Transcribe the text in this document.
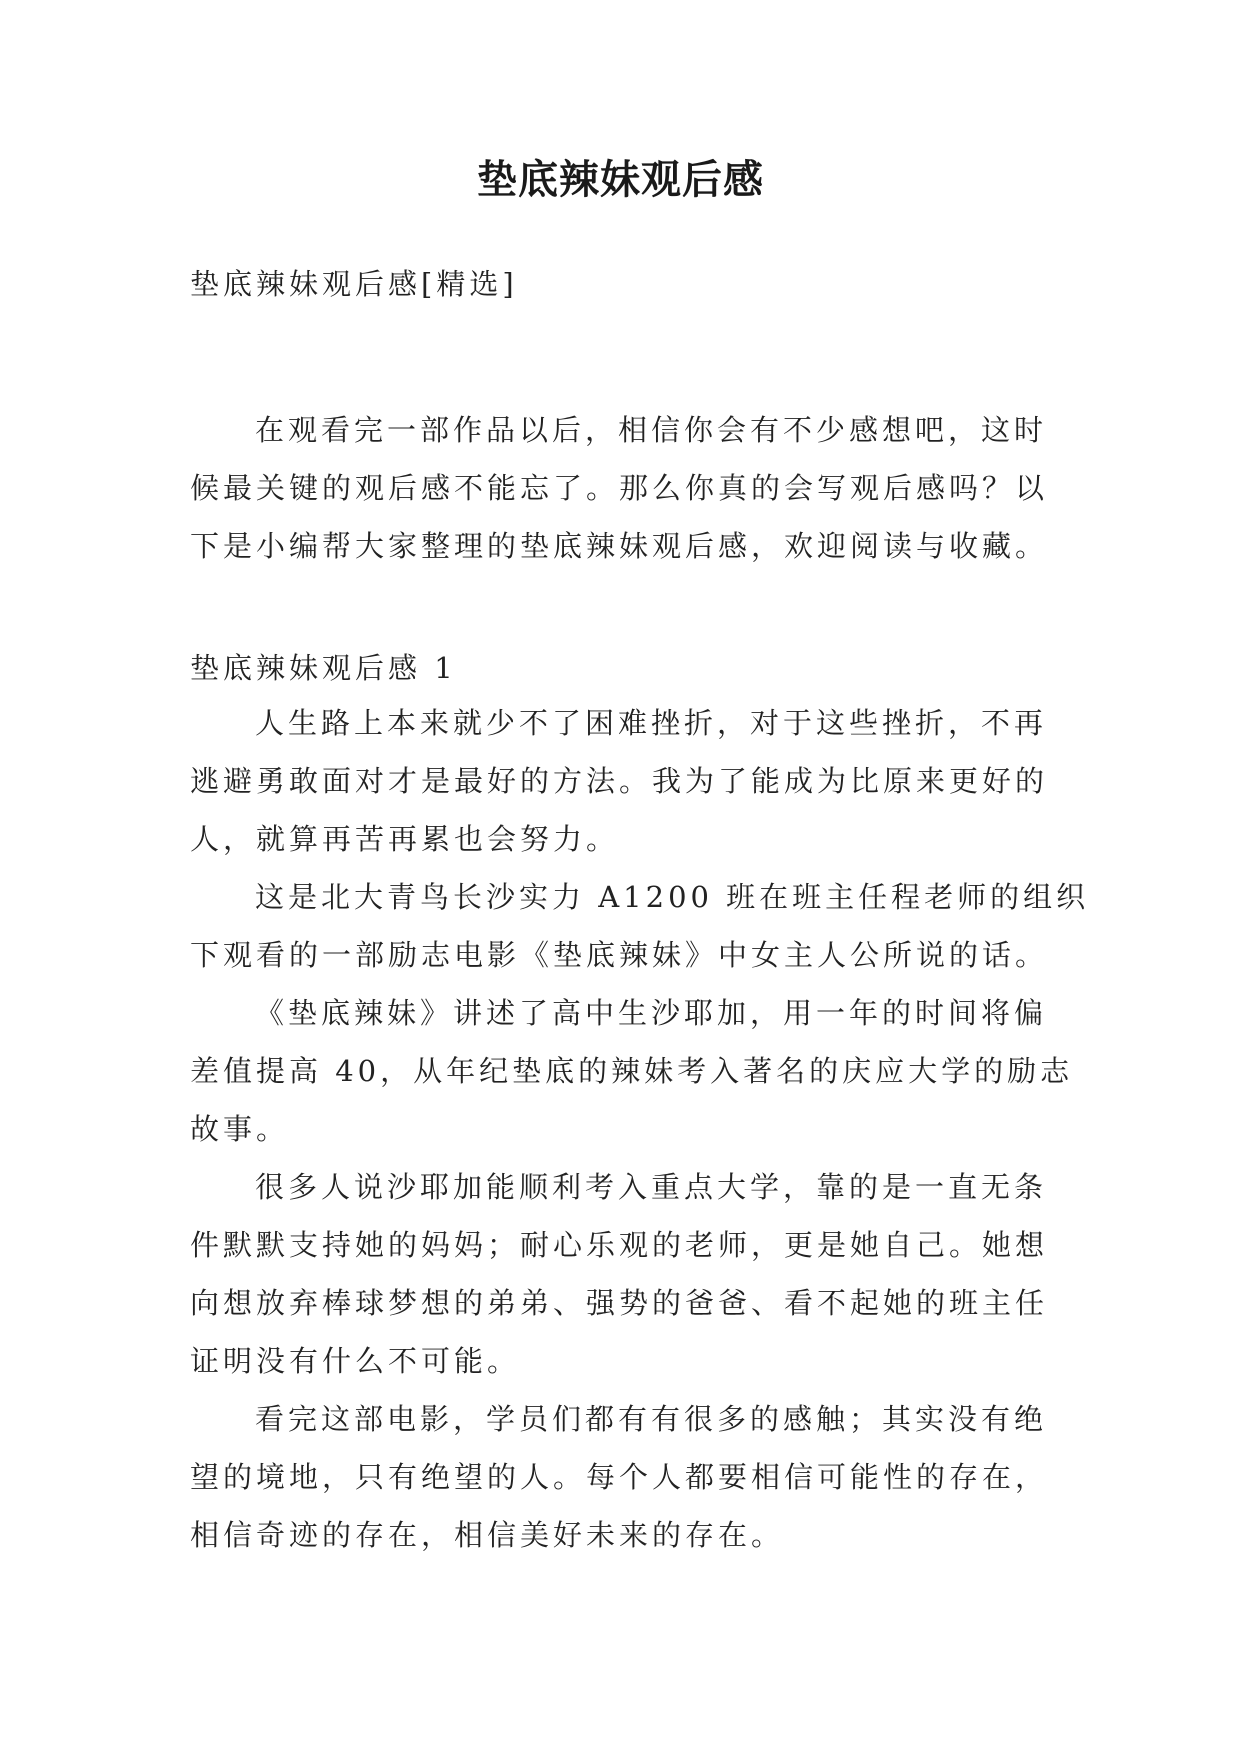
垫底辣妹观后感
垫底辣妹观后感[精选]
在观看完一部作品以后，相信你会有不少感想吧，这时
候最关键的观后感不能忘了。那么你真的会写观后感吗？以
下是小编帮大家整理的垫底辣妹观后感，欢迎阅读与收藏。
垫底辣妹观后感 1
人生路上本来就少不了困难挫折，对于这些挫折，不再
逃避勇敢面对才是最好的方法。我为了能成为比原来更好的
人，就算再苦再累也会努力。
这是北大青鸟长沙实力 A1200 班在班主任程老师的组织
下观看的一部励志电影《垫底辣妹》中女主人公所说的话。
《垫底辣妹》讲述了高中生沙耶加，用一年的时间将偏
差值提高 40，从年纪垫底的辣妹考入著名的庆应大学的励志
故事。
很多人说沙耶加能顺利考入重点大学，靠的是一直无条
件默默支持她的妈妈；耐心乐观的老师，更是她自己。她想
向想放弃棒球梦想的弟弟、强势的爸爸、看不起她的班主任
证明没有什么不可能。
看完这部电影，学员们都有有很多的感触；其实没有绝
望的境地，只有绝望的人。每个人都要相信可能性的存在，
相信奇迹的存在，相信美好未来的存在。
